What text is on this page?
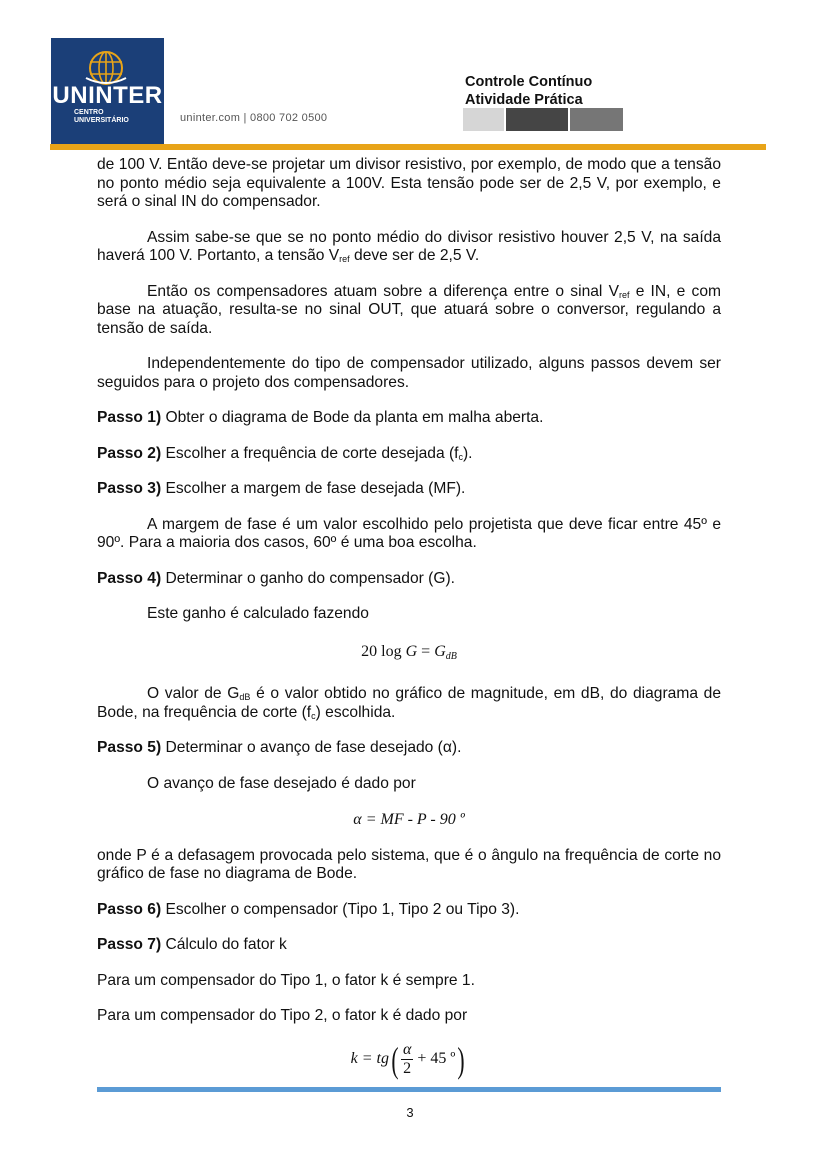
UNINTER
CENTRO
UNIVERSITÁRIO	uninter.com | 0800 702 0500
Controle Contínuo
Atividade Prática

de 100 V. Então deve-se projetar um divisor resistivo, por exemplo, de modo que a tensão no ponto médio seja equivalente a 100V. Esta tensão pode ser de 2,5 V, por exemplo, e será o sinal IN do compensador.

Assim sabe-se que se no ponto médio do divisor resistivo houver 2,5 V, na saída haverá 100 V. Portanto, a tensão $V_{ref}$ deve ser de 2,5 V.

Então os compensadores atuam sobre a diferença entre o sinal $V_{ref}$ e IN, e com base na atuação, resulta-se no sinal OUT, que atuará sobre o conversor, regulando a tensão de saída.

Independentemente do tipo de compensador utilizado, alguns passos devem ser seguidos para o projeto dos compensadores.

Passo 1) Obter o diagrama de Bode da planta em malha aberta.

Passo 2) Escolher a frequência de corte desejada $(f_c)$.

Passo 3) Escolher a margem de fase desejada (MF).

A margem de fase é um valor escolhido pelo projetista que deve ficar entre 45º e 90º. Para a maioria dos casos, 60º é uma boa escolha.

Passo 4) Determinar o ganho do compensador (G).

Este ganho é calculado fazendo

20 log G = GdB

O valor de $G_{dB}$ é o valor obtido no gráfico de magnitude, em dB, do diagrama de Bode, na frequência de corte $(f_c)$ escolhida.

Passo 5) Determinar o avanço de fase desejado (α).

O avanço de fase desejado é dado por

α = MF - P - 90 º

onde P é a defasagem provocada pelo sistema, que é o ângulo na frequência de corte no gráfico de fase no diagrama de Bode.

Passo 6) Escolher o compensador (Tipo 1, Tipo 2 ou Tipo 3).

Passo 7) Cálculo do fator k

Para um compensador do Tipo 1, o fator k é sempre 1.

Para um compensador do Tipo 2, o fator k é dado por

$k = tg( \frac{\alpha}{2} + 45$ º)
3
